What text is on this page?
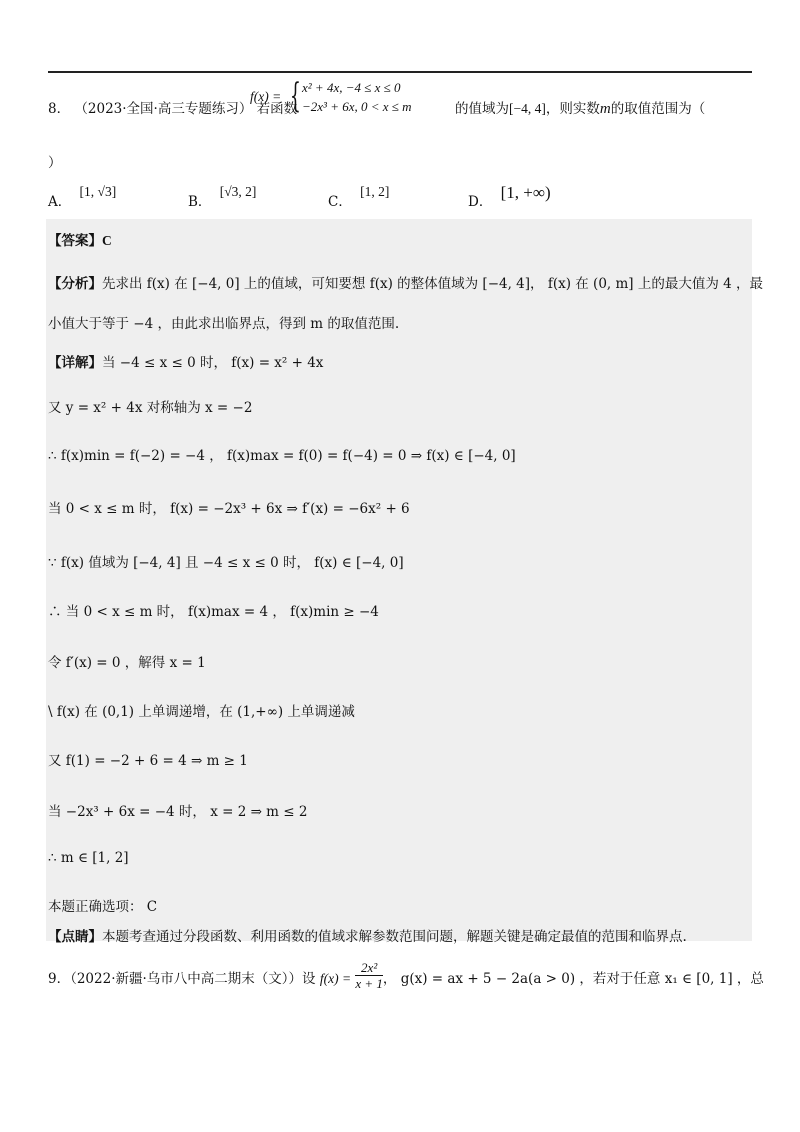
8． （2023·全国·高三专题练习） 若函数
f(x) = { x² + 4x, −4 ≤ x ≤ 0
−2x³ + 6x, 0 < x ≤ m	的值域为[−4, 4]，则实数m的取值范围为（
）
A． [1, √3]
B． [√3, 2]
C． [1, 2]
D． [1, +∞)
【答案】C
【分析】先求出 f(x) 在 [−4, 0] 上的值域，可知要想 f(x) 的整体值域为 [−4, 4]， f(x) 在 (0, m] 上的最大值为 4 ，最
小值大于等于 −4 ，由此求出临界点，得到 m 的取值范围.
【详解】当 −4 ≤ x ≤ 0 时， f(x) = x² + 4x
又 y = x² + 4x 对称轴为 x = −2
∴ f(x)min = f(−2) = −4 ， f(x)max = f(0) = f(−4) = 0 ⇒ f(x) ∈ [−4, 0]
当 0 < x ≤ m 时， f(x) = −2x³ + 6x ⇒ f′(x) = −6x² + 6
∵ f(x) 值域为 [−4, 4] 且 −4 ≤ x ≤ 0 时， f(x) ∈ [−4, 0]
∴ 当 0 < x ≤ m 时， f(x)max = 4 ， f(x)min ≥ −4
令 f′(x) = 0 ，解得 x = 1
\ f(x) 在 (0,1) 上单调递增，在 (1,+∞) 上单调递减
又 f(1) = −2 + 6 = 4 ⇒ m ≥ 1
当 −2x³ + 6x = −4 时， x = 2 ⇒ m ≤ 2
∴ m ∈ [1, 2]
本题正确选项： C
【点睛】本题考查通过分段函数、利用函数的值域求解参数范围问题，解题关键是确定最值的范围和临界点.
9．（2022·新疆·乌市八中高二期末（文））设 $f(x) = \frac{\text{2x²}}{x + 1}$ ， g(x) = ax + 5 − 2a(a > 0) ，若对于任意 x₁ ∈ [0, 1] ，总
